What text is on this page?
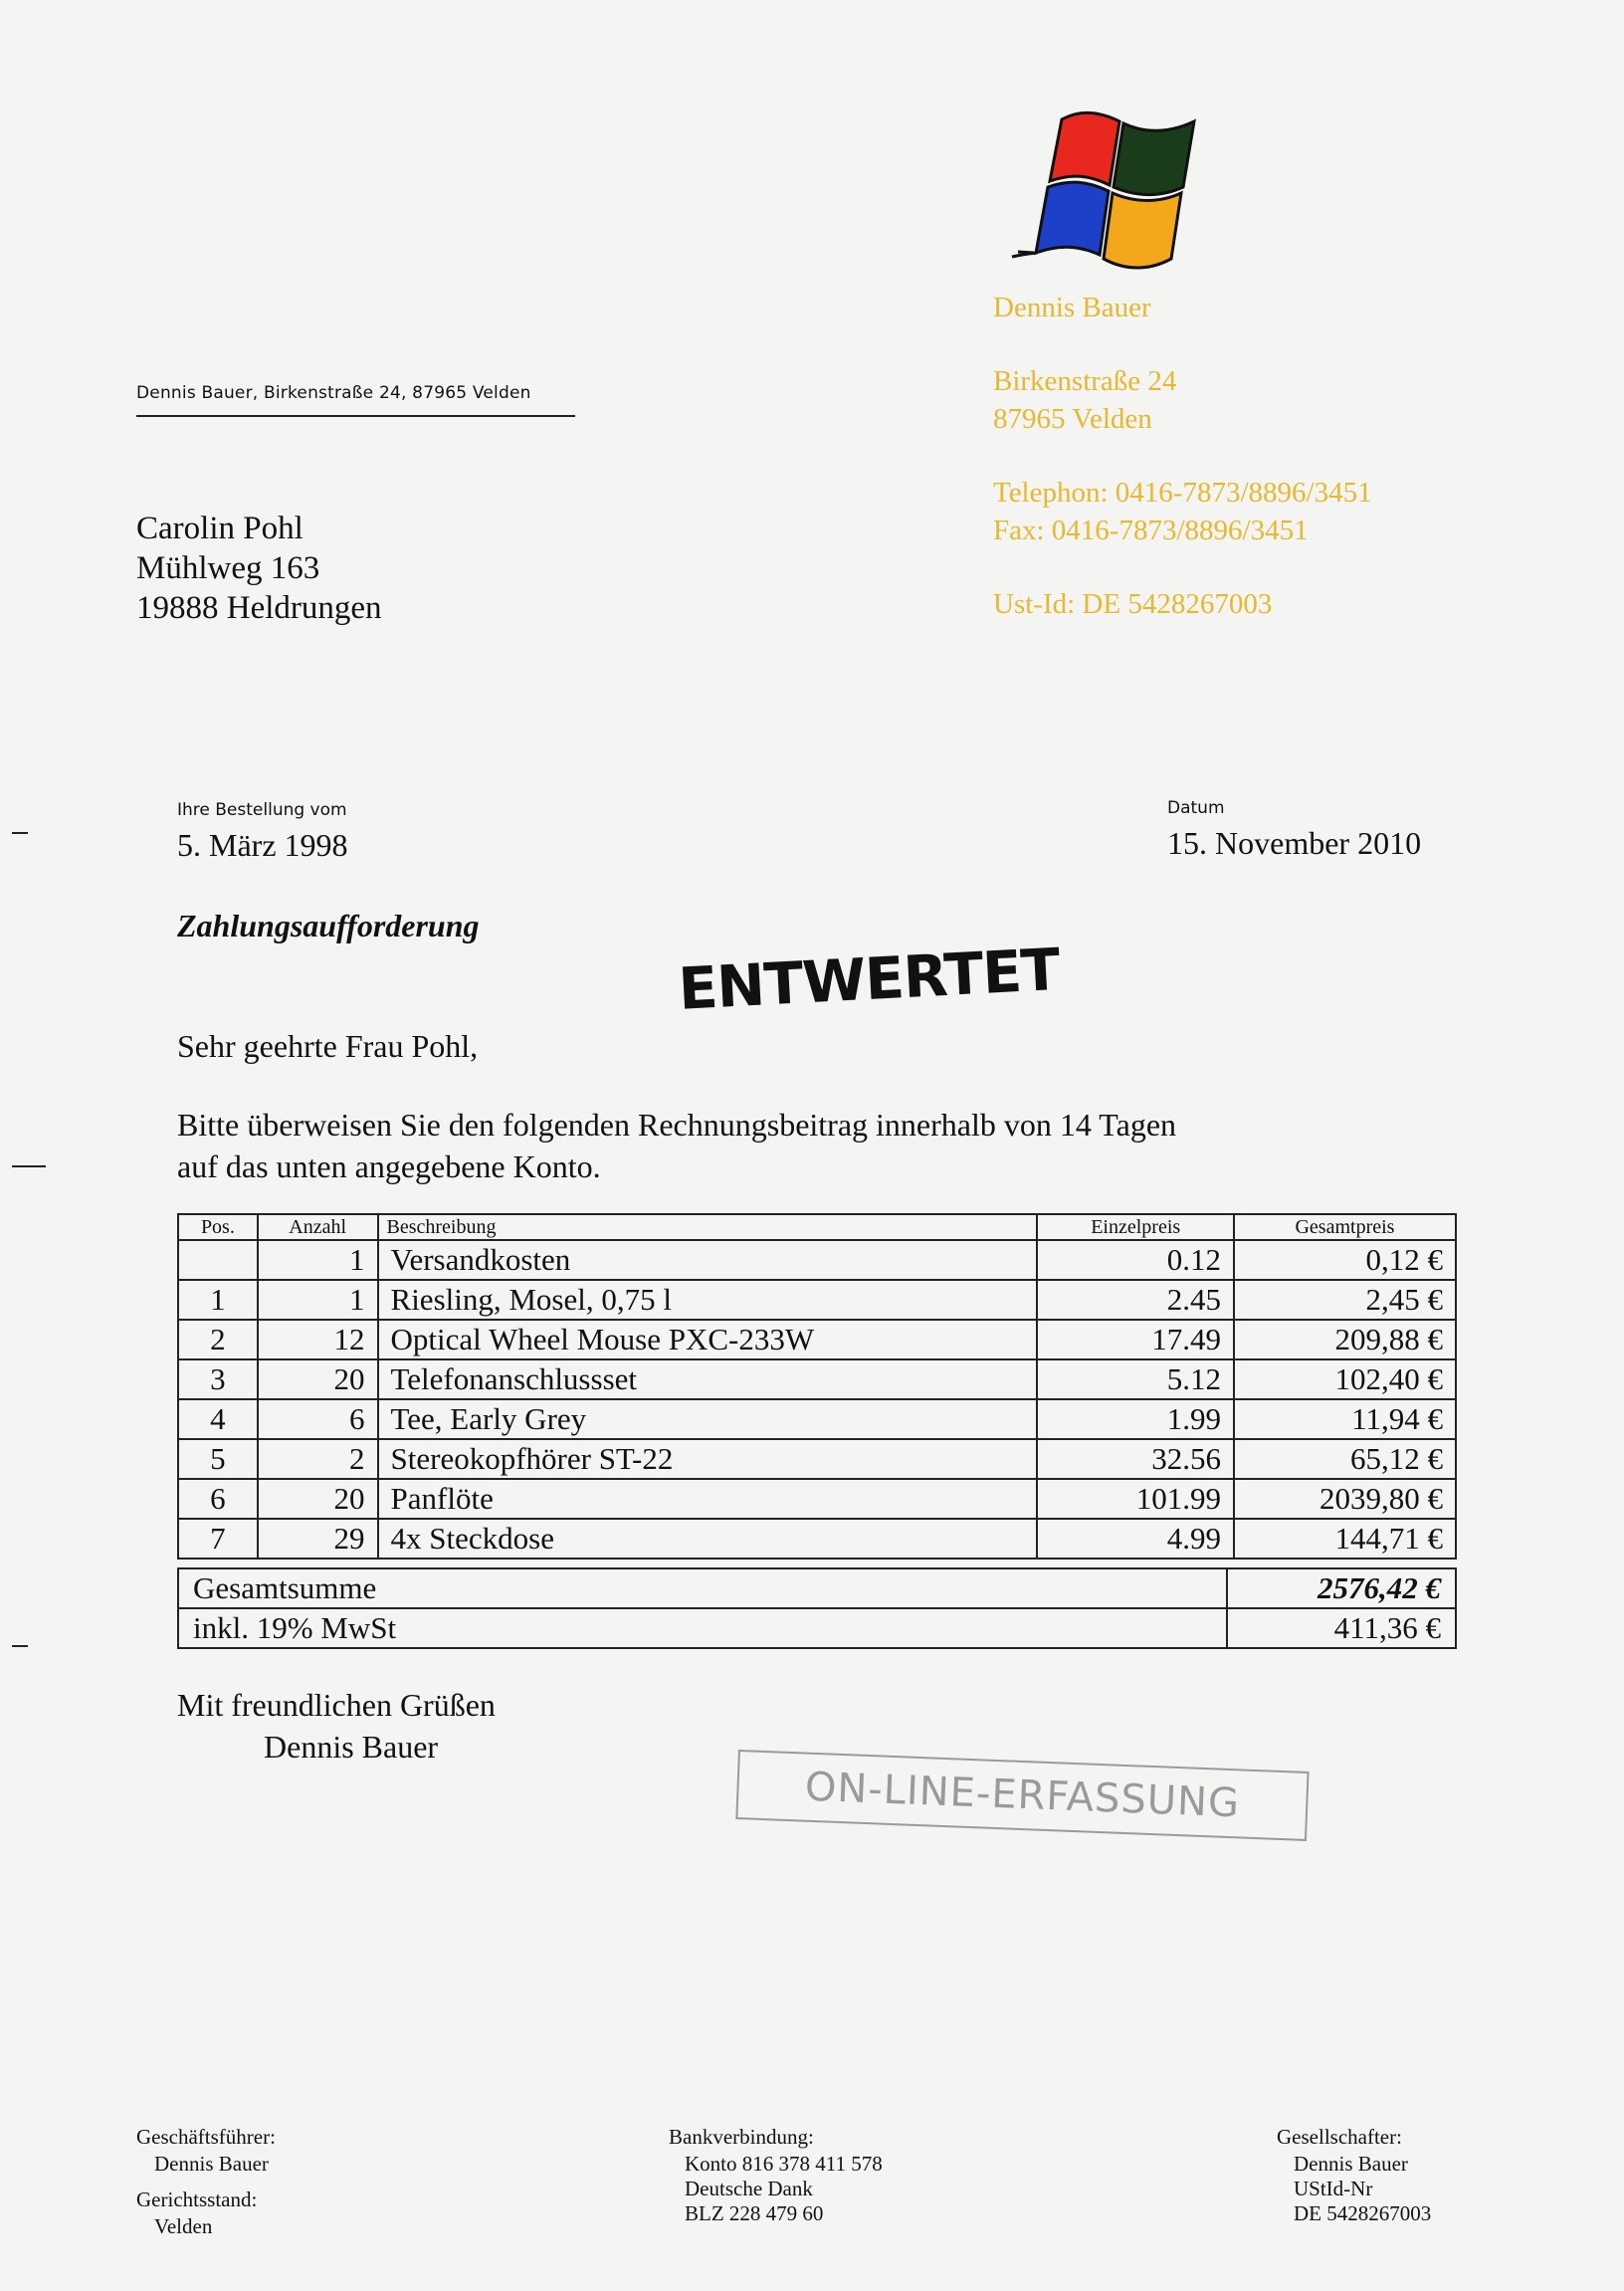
Dennis Bauer
Birkenstraße 24
87965 Velden
Telephon: 0416-7873/8896/3451
Fax: 0416-7873/8896/3451
Ust-Id: DE 5428267003
Dennis Bauer, Birkenstraße 24, 87965 Velden
Carolin Pohl
Mühlweg 163
19888 Heldrungen
Ihre Bestellung vom
5. März 1998
Datum
15. November 2010
Zahlungsaufforderung
ENTWERTET
Sehr geehrte Frau Pohl,
Bitte überweisen Sie den folgenden Rechnungsbeitrag innerhalb von 14 Tagen
auf das unten angegebene Konto.
Pos.	Anzahl	Beschreibung	Einzelpreis	Gesamtpreis
	1	Versandkosten	0.12	0,12 €
1	1	Riesling, Mosel, 0,75 l	2.45	2,45 €
2	12	Optical Wheel Mouse PXC-233W	17.49	209,88 €
3	20	Telefonanschlussset	5.12	102,40 €
4	6	Tee, Early Grey	1.99	11,94 €
5	2	Stereokopfhörer ST-22	32.56	65,12 €
6	20	Panflöte	101.99	2039,80 €
7	29	4x Steckdose	4.99	144,71 €
Gesamtsumme	2576,42 €
inkl. 19% MwSt	411,36 €
Mit freundlichen Grüßen
Dennis Bauer
ON-LINE-ERFASSUNG
Geschäftsführer:
Dennis Bauer
Gerichtsstand:
Velden
Bankverbindung:
Konto 816 378 411 578
Deutsche Dank
BLZ 228 479 60
Gesellschafter:
Dennis Bauer
UStId-Nr
DE 5428267003
